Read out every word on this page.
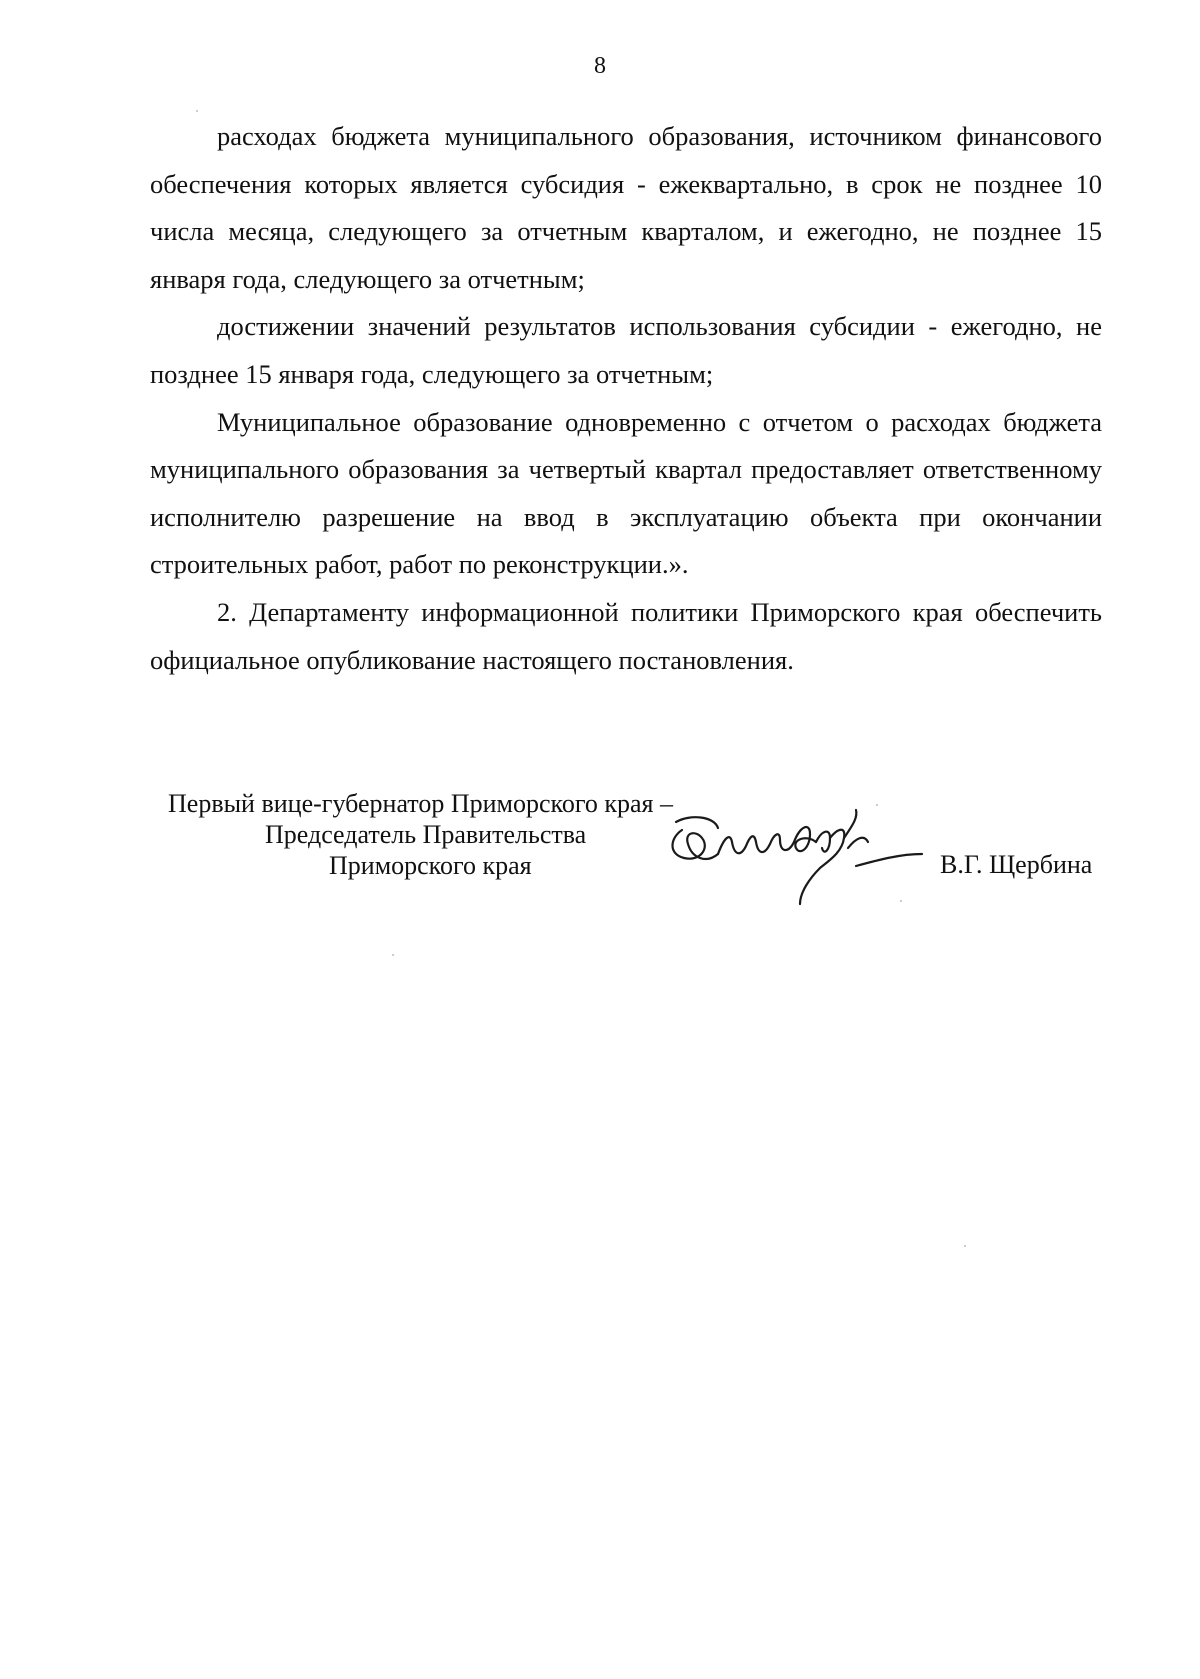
8

расходах бюджета муниципального образования, источником финансового обеспечения которых является субсидия - ежеквартально, в срок не позднее 10 числа месяца, следующего за отчетным кварталом, и ежегодно, не позднее 15 января года, следующего за отчетным;

достижении значений результатов использования субсидии - ежегодно, не позднее 15 января года, следующего за отчетным;

Муниципальное образование одновременно с отчетом о расходах бюджета муниципального образования за четвертый квартал предоставляет ответственному исполнителю разрешение на ввод в эксплуатацию объекта при окончании строительных работ, работ по реконструкции.».

2. Департаменту информационной политики Приморского края обеспечить официальное опубликование настоящего постановления.

Первый вице-губернатор Приморского края –
Председатель Правительства
Приморского края	В.Г. Щербина
